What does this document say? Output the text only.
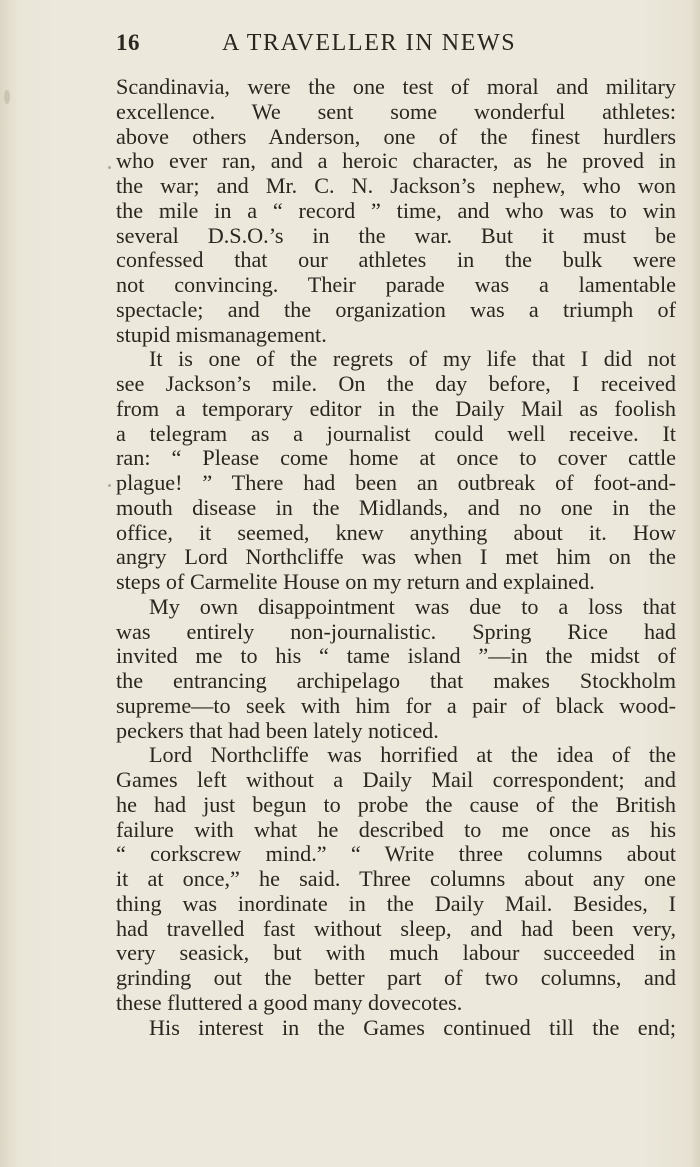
16	A TRAVELLER IN NEWS
Scandinavia, were the one test of moral and military
excellence. We sent some wonderful athletes:
above others Anderson, one of the finest hurdlers
who ever ran, and a heroic character, as he proved in
the war; and Mr. C. N. Jackson’s nephew, who won
the mile in a “ record ” time, and who was to win
several D.S.O.’s in the war. But it must be
confessed that our athletes in the bulk were
not convincing. Their parade was a lamentable
spectacle; and the organization was a triumph of
stupid mismanagement.
It is one of the regrets of my life that I did not
see Jackson’s mile. On the day before, I received
from a temporary editor in the Daily Mail as foolish
a telegram as a journalist could well receive. It
ran: “ Please come home at once to cover cattle
plague! ” There had been an outbreak of foot-and-
mouth disease in the Midlands, and no one in the
office, it seemed, knew anything about it. How
angry Lord Northcliffe was when I met him on the
steps of Carmelite House on my return and explained.
My own disappointment was due to a loss that
was entirely non-journalistic. Spring Rice had
invited me to his “ tame island ”—in the midst of
the entrancing archipelago that makes Stockholm
supreme—to seek with him for a pair of black wood-
peckers that had been lately noticed.
Lord Northcliffe was horrified at the idea of the
Games left without a Daily Mail correspondent; and
he had just begun to probe the cause of the British
failure with what he described to me once as his
“ corkscrew mind.” “ Write three columns about
it at once,” he said. Three columns about any one
thing was inordinate in the Daily Mail. Besides, I
had travelled fast without sleep, and had been very,
very seasick, but with much labour succeeded in
grinding out the better part of two columns, and
these fluttered a good many dovecotes.
His interest in the Games continued till the end;
